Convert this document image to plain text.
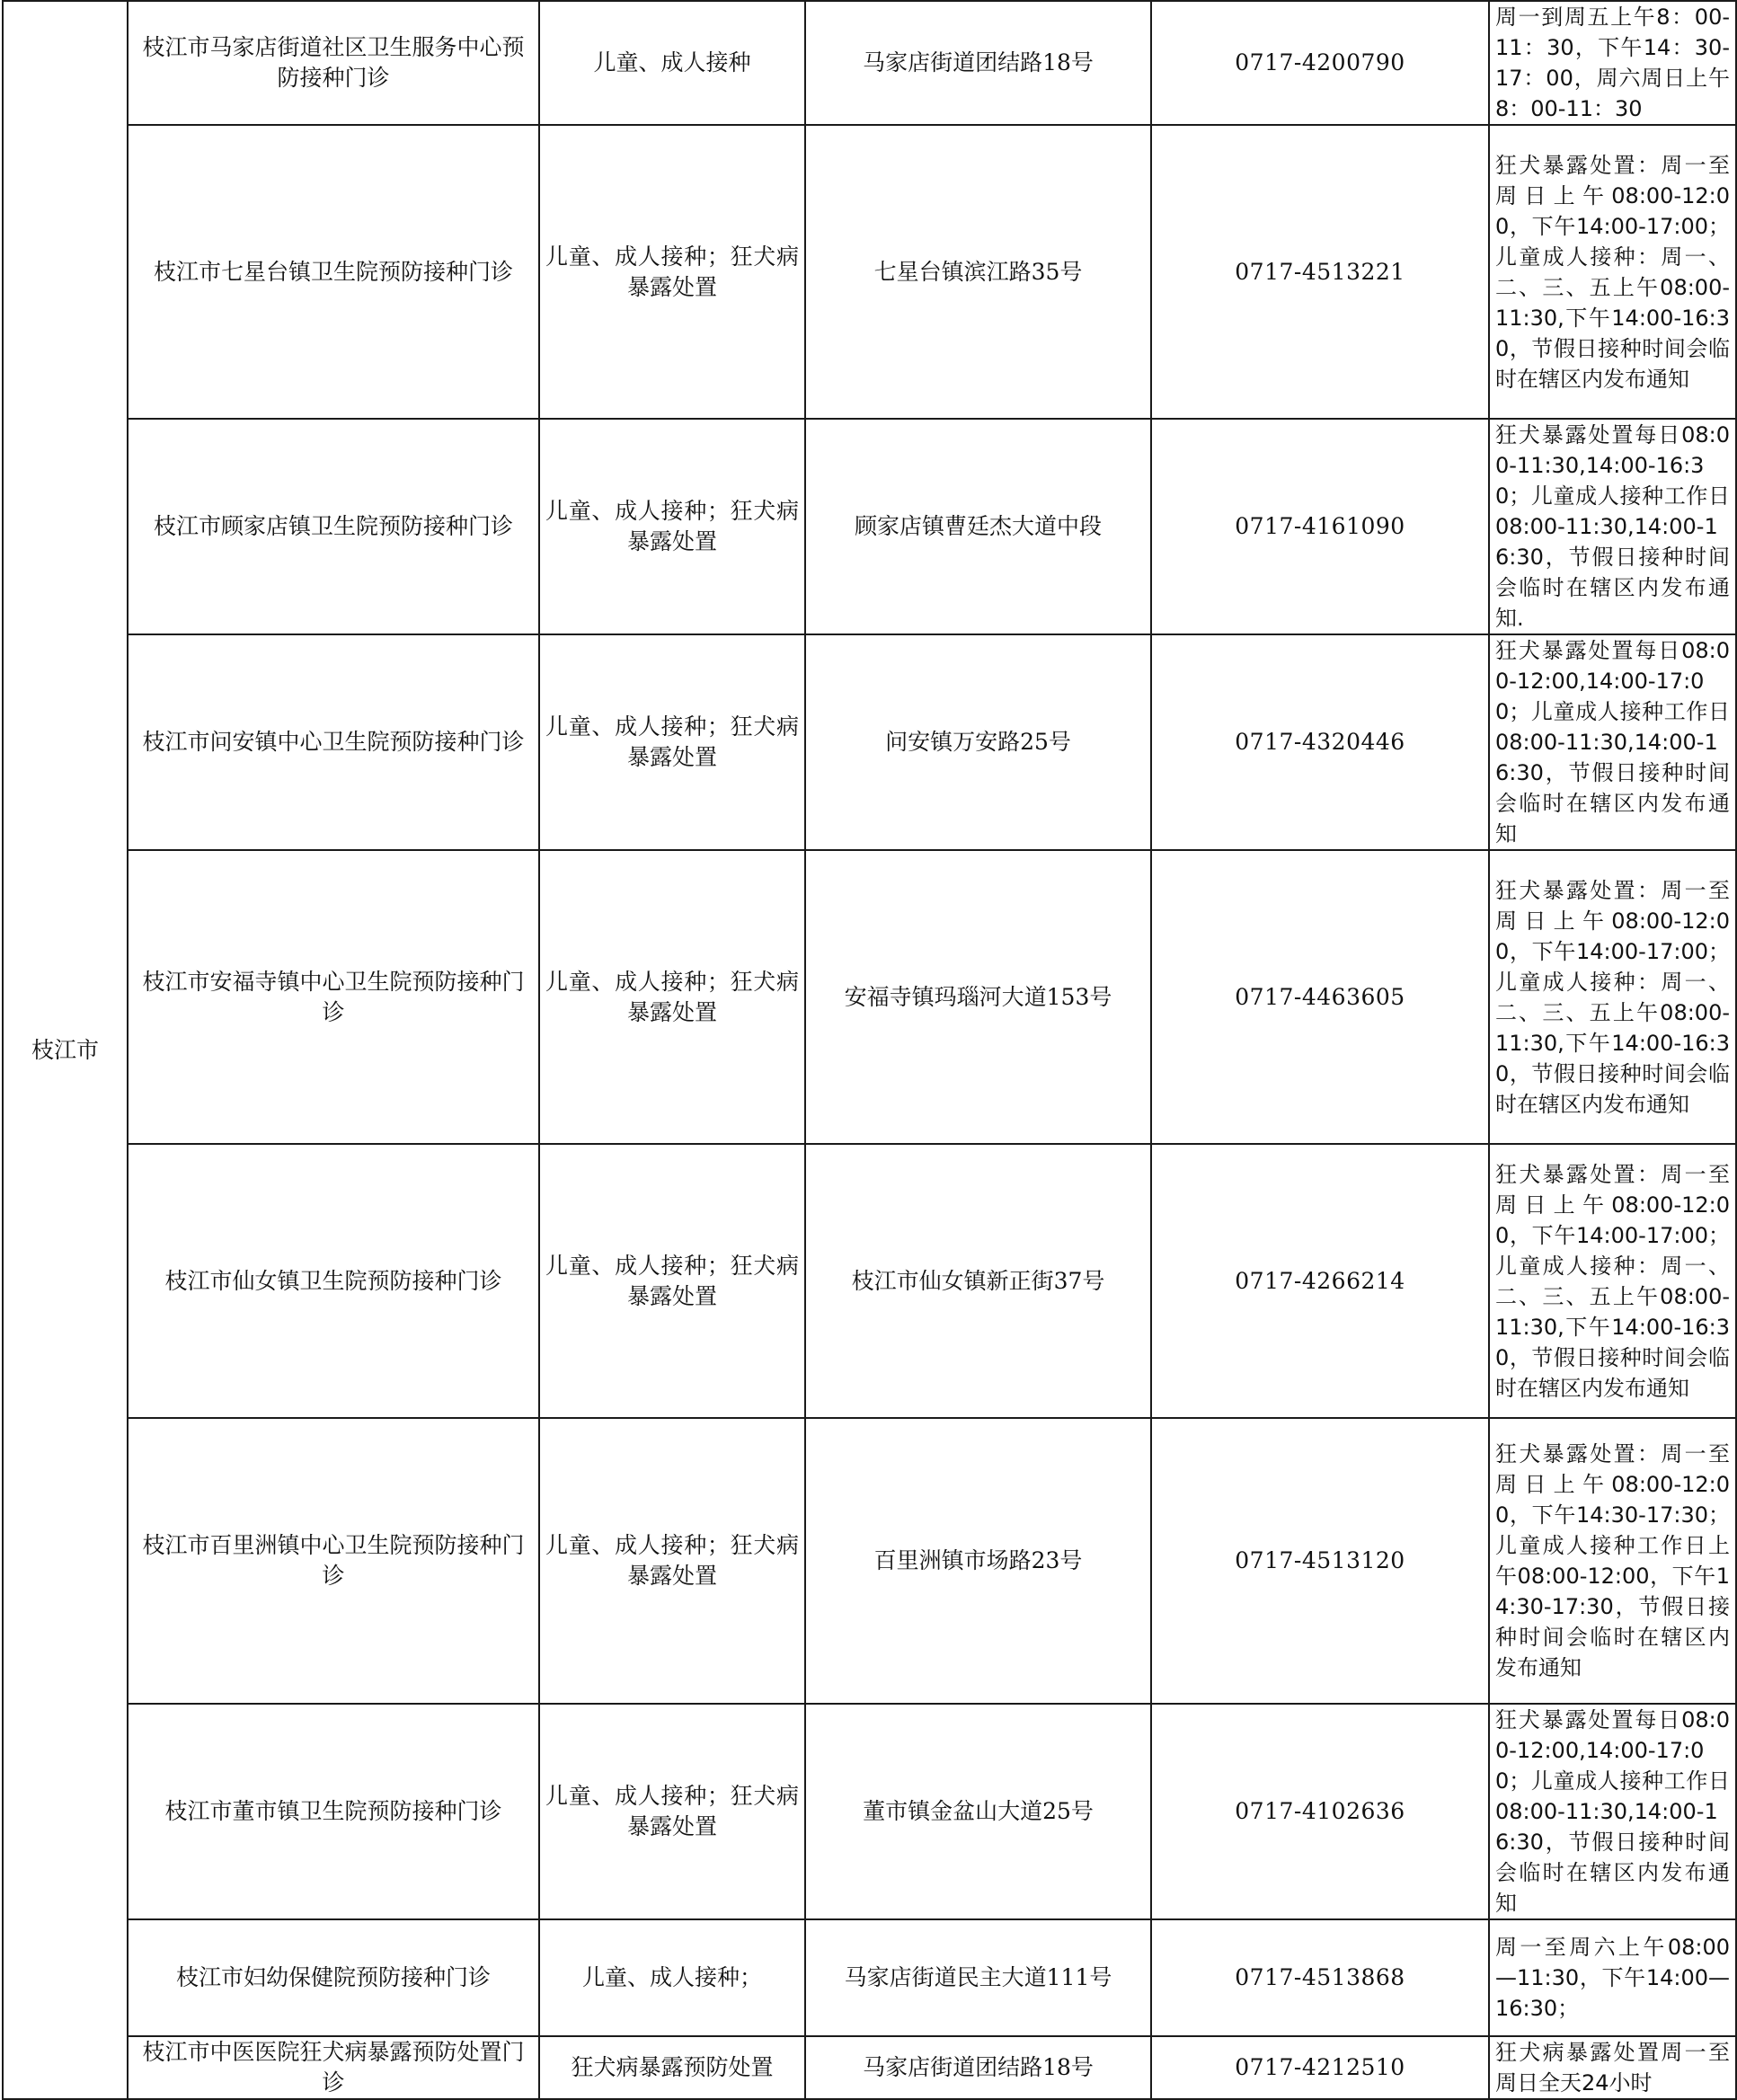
枝江市	枝江市马家店街道社区卫生服务中心预防接种门诊	儿童、成人接种	马家店街道团结路18号	0717-4200790	周一到周五上午8：00-11：30，下午14：30-17：00，周六周日上午8：00-11：30
	枝江市七星台镇卫生院预防接种门诊	儿童、成人接种；狂犬病暴露处置	七星台镇滨江路35号	0717-4513221	狂犬暴露处置：周一至周日上午08:00-12:00，下午14:00-17:00；儿童成人接种：周一、二、三、五上午08:00-11:30,下午14:00-16:30，节假日接种时间会临时在辖区内发布通知
	枝江市顾家店镇卫生院预防接种门诊	儿童、成人接种；狂犬病暴露处置	顾家店镇曹廷杰大道中段	0717-4161090	狂犬暴露处置每日08:00-11:30,14:00-16:30；儿童成人接种工作日08:00-11:30,14:00-16:30，节假日接种时间会临时在辖区内发布通知.
	枝江市问安镇中心卫生院预防接种门诊	儿童、成人接种；狂犬病暴露处置	问安镇万安路25号	0717-4320446	狂犬暴露处置每日08:00-12:00,14:00-17:00；儿童成人接种工作日08:00-11:30,14:00-16:30，节假日接种时间会临时在辖区内发布通知
	枝江市安福寺镇中心卫生院预防接种门诊	儿童、成人接种；狂犬病暴露处置	安福寺镇玛瑙河大道153号	0717-4463605	狂犬暴露处置：周一至周日上午08:00-12:00，下午14:00-17:00；儿童成人接种：周一、二、三、五上午08:00-11:30,下午14:00-16:30，节假日接种时间会临时在辖区内发布通知
	枝江市仙女镇卫生院预防接种门诊	儿童、成人接种；狂犬病暴露处置	枝江市仙女镇新正街37号	0717-4266214	狂犬暴露处置：周一至周日上午08:00-12:00，下午14:00-17:00；儿童成人接种：周一、二、三、五上午08:00-11:30,下午14:00-16:30，节假日接种时间会临时在辖区内发布通知
	枝江市百里洲镇中心卫生院预防接种门诊	儿童、成人接种；狂犬病暴露处置	百里洲镇市场路23号	0717-4513120	狂犬暴露处置：周一至周日上午08:00-12:00，下午14:30-17:30；儿童成人接种工作日上午08:00-12:00，下午14:30-17:30，节假日接种时间会临时在辖区内发布通知
	枝江市董市镇卫生院预防接种门诊	儿童、成人接种；狂犬病暴露处置	董市镇金盆山大道25号	0717-4102636	狂犬暴露处置每日08:00-12:00,14:00-17:00；儿童成人接种工作日08:00-11:30,14:00-16:30，节假日接种时间会临时在辖区内发布通知
	枝江市妇幼保健院预防接种门诊	儿童、成人接种；	马家店街道民主大道111号	0717-4513868	周一至周六上午08:00—11:30，下午14:00—16:30；
	枝江市中医医院狂犬病暴露预防处置门诊	狂犬病暴露预防处置	马家店街道团结路18号	0717-4212510	狂犬病暴露处置周一至周日全天24小时
